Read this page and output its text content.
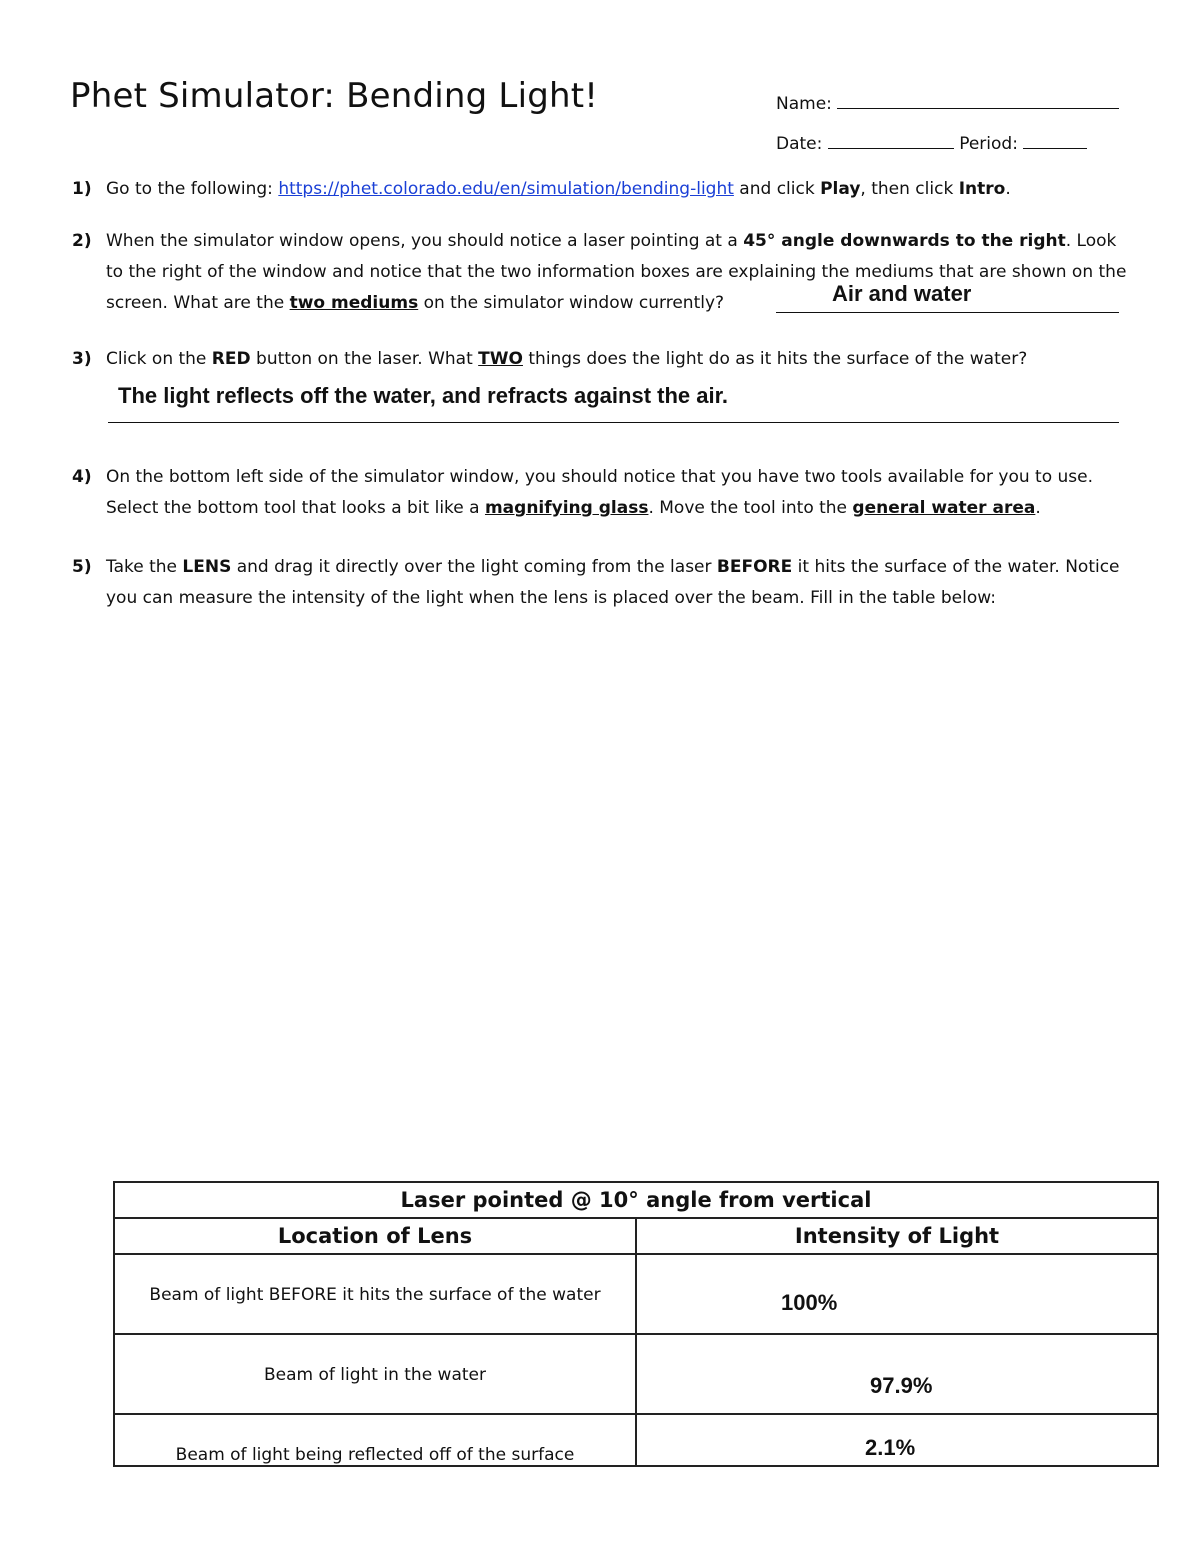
Phet Simulator: Bending Light!	Name:
Date:	Period:
1) Go to the following: https://phet.colorado.edu/en/simulation/bending-light and click Play, then click Intro.
2) When the simulator window opens, you should notice a laser pointing at a 45° angle downwards to the right. Look to the right of the window and notice that the two information boxes are explaining the mediums that are shown on the screen. What are the two mediums on the simulator window currently?	Air and water
3) Click on the RED button on the laser. What TWO things does the light do as it hits the surface of the water?
The light reflects off the water, and refracts against the air.
4) On the bottom left side of the simulator window, you should notice that you have two tools available for you to use. Select the bottom tool that looks a bit like a magnifying glass. Move the tool into the general water area.
5) Take the LENS and drag it directly over the light coming from the laser BEFORE it hits the surface of the water. Notice you can measure the intensity of the light when the lens is placed over the beam. Fill in the table below:
Laser pointed @ 10° angle from vertical	
Location of Lens	Intensity of Light
Beam of light BEFORE it hits the surface of the water	100%
Beam of light in the water	97.9%
Beam of light being reflected off of the surface	2.1%
